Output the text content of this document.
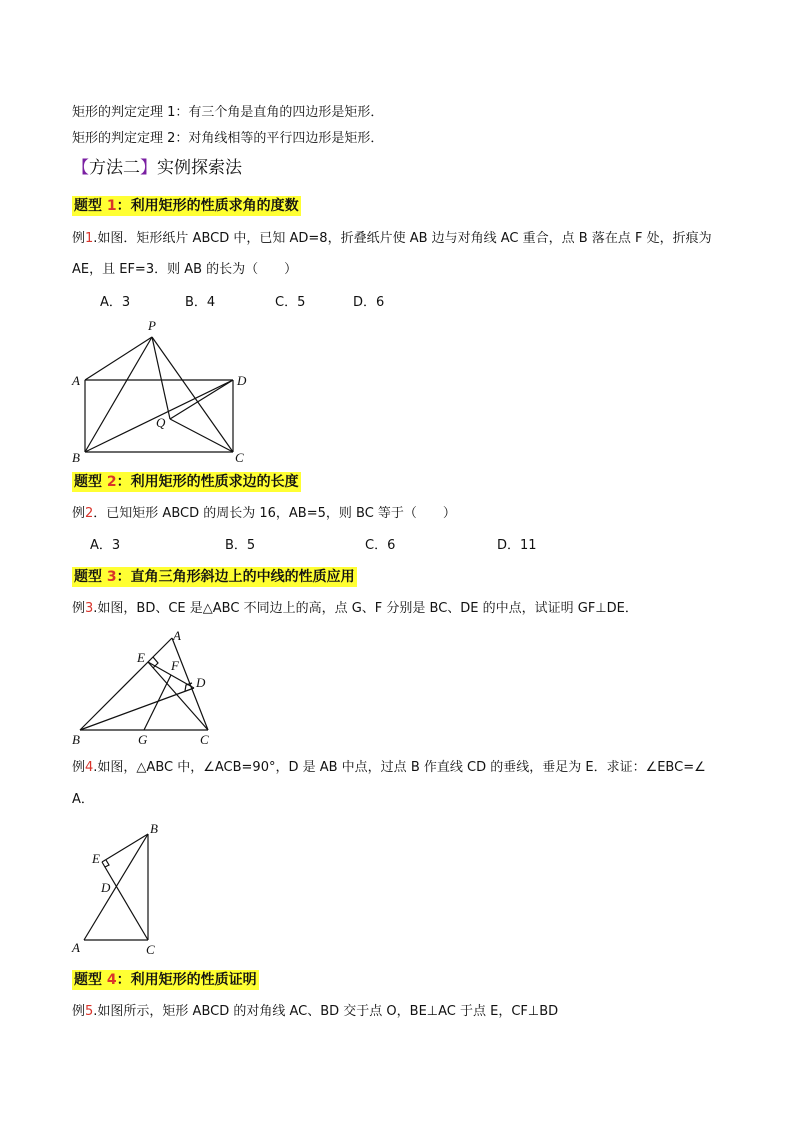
矩形的判定定理 1：有三个角是直角的四边形是矩形．
矩形的判定定理 2：对角线相等的平行四边形是矩形．
【方法二】实例探索法
题型 1：利用矩形的性质求角的度数
例1.如图．矩形纸片 ABCD 中，已知 AD=8，折叠纸片使 AB 边与对角线 AC 重合，点 B 落在点 F 处，折痕为
AE，且 EF=3．则 AB 的长为（　　）
A．3	B．4	C．5	D．6
P
A	D
Q
B	C
题型 2：利用矩形的性质求边的长度
例2．已知矩形 ABCD 的周长为 16，AB=5，则 BC 等于（　　）
A．3	B．5	C．6	D．11
题型 3：直角三角形斜边上的中线的性质应用
例3.如图，BD、CE 是△ABC 不同边上的高，点 G、F 分别是 BC、DE 的中点，试证明 GF⊥DE．
A
E
F
D
B	G	C
例4.如图，△ABC 中，∠ACB=90°，D 是 AB 中点，过点 B 作直线 CD 的垂线，垂足为 E．求证：∠EBC=∠
A．
B
E
D
A	C
题型 4：利用矩形的性质证明
例5.如图所示，矩形 ABCD 的对角线 AC、BD 交于点 O，BE⊥AC 于点 E，CF⊥BD
